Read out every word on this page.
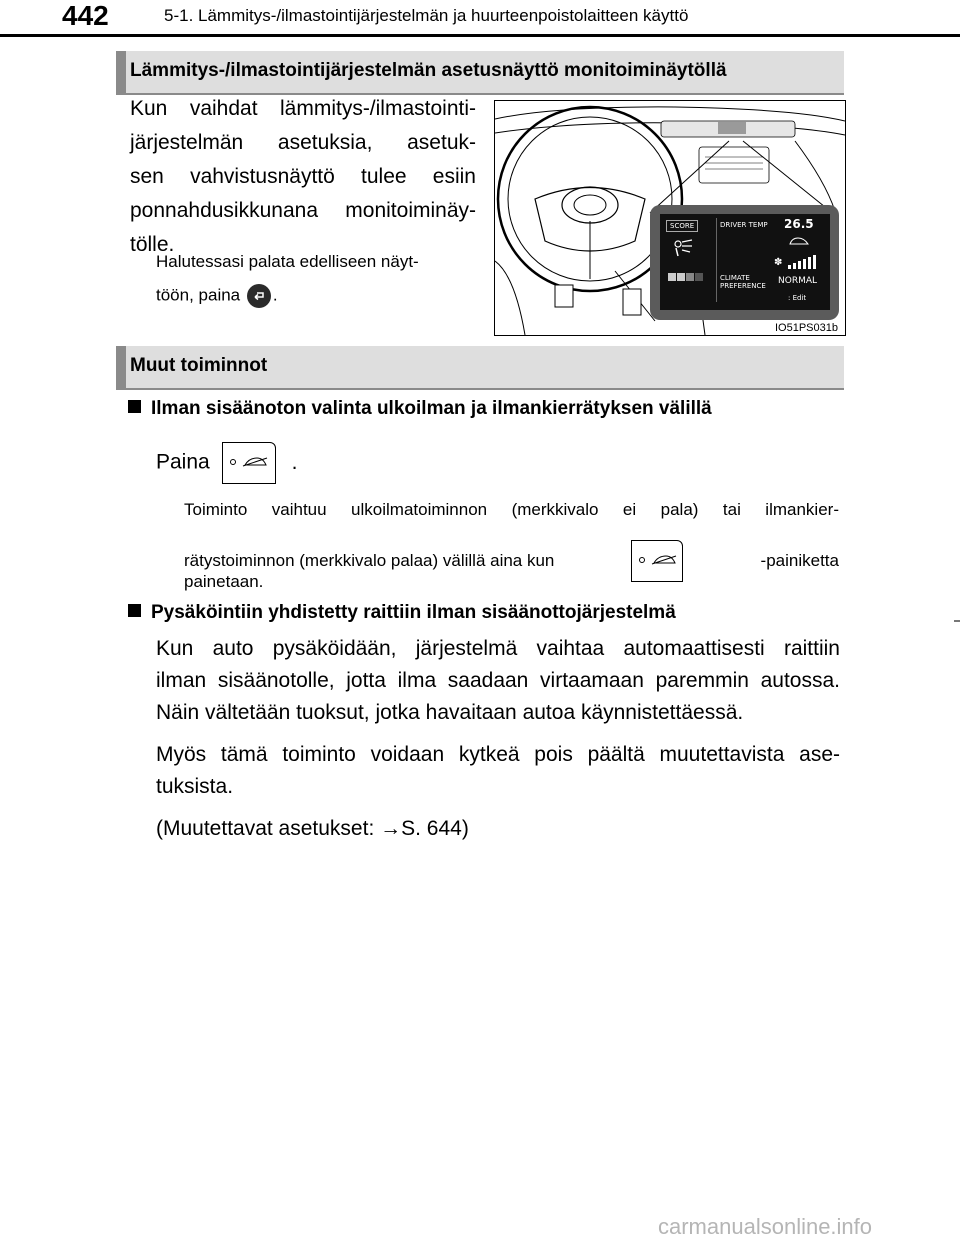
442	5-1. Lämmitys-/ilmastointijärjestelmän ja huurteenpoistolaitteen käyttö
Lämmitys-/ilmastointijärjestelmän asetusnäyttö monitoiminäytöllä
Kun vaihdat lämmitys-/ilmastointi-
järjestelmän asetuksia, asetuk-
sen vahvistusnäyttö tulee esiin
ponnahdusikkunana monitoiminäy-
tölle.
Halutessasi palata edelliseen näyt-
töön, paina .
SCORE	DRIVER TEMP 26.5
✽
CLIMATE
PREFERENCE NORMAL
: Edit
IO51PS031b
Muut toiminnot
Ilman sisäänoton valinta ulkoilman ja ilmankierrätyksen välillä
Paina	.
Toiminto vaihtuu ulkoilmatoiminnon (merkkivalo ei pala) tai ilmankier-
rätystoiminnon (merkkivalo palaa) välillä aina kun	-painiketta
painetaan.
Pysäköintiin yhdistetty raittiin ilman sisäänottojärjestelmä
Kun auto pysäköidään, järjestelmä vaihtaa automaattisesti raittiin
ilman sisäänotolle, jotta ilma saadaan virtaamaan paremmin autossa.
Näin vältetään tuoksut, jotka havaitaan autoa käynnistettäessä.
Myös tämä toiminto voidaan kytkeä pois päältä muutettavista ase-
tuksista.
(Muutettavat asetukset: →S. 644)
carmanualsonline.info
